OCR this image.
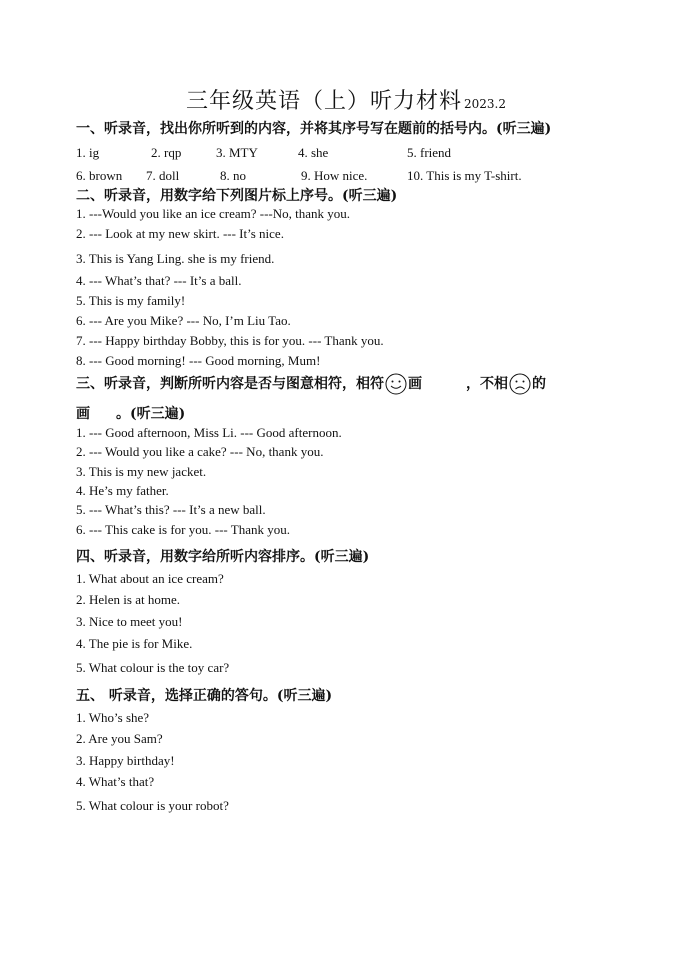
三年级英语（上）听力材料 2023.2
一、听录音，找出你所听到的内容，并将其序号写在题前的括号内。(听三遍)
1. ig	2. rqp	3. MTY	4. she	5. friend
6. brown 7. doll	8. no	9. How nice.	10. This is my T-shirt.
二、听录音，用数字给下列图片标上序号。(听三遍)
1. ---Would you like an ice cream? ---No, thank you.
2. --- Look at my new skirt. --- It’s nice.
3. This is Yang Ling. she is my friend.
4. --- What’s that? --- It’s a ball.
5. This is my family!
6. --- Are you Mike? --- No, I’m Liu Tao.
7. --- Happy birthday Bobby, this is for you. --- Thank you.
8. --- Good morning! --- Good morning, Mum!
三、听录音，判断所听内容是否与图意相符，相符 画	，不相 的
画 。(听三遍)
1. --- Good afternoon, Miss Li. --- Good afternoon.
2. --- Would you like a cake? --- No, thank you.
3. This is my new jacket.
4. He’s my father.
5. --- What’s this? --- It’s a new ball.
6. --- This cake is for you. --- Thank you.
四、听录音，用数字给所听内容排序。(听三遍)
1. What about an ice cream?
2. Helen is at home.
3. Nice to meet you!
4. The pie is for Mike.
5. What colour is the toy car?
五、 听录音，选择正确的答句。(听三遍)
1. Who’s she?
2. Are you Sam?
3. Happy birthday!
4. What’s that?
5. What colour is your robot?
